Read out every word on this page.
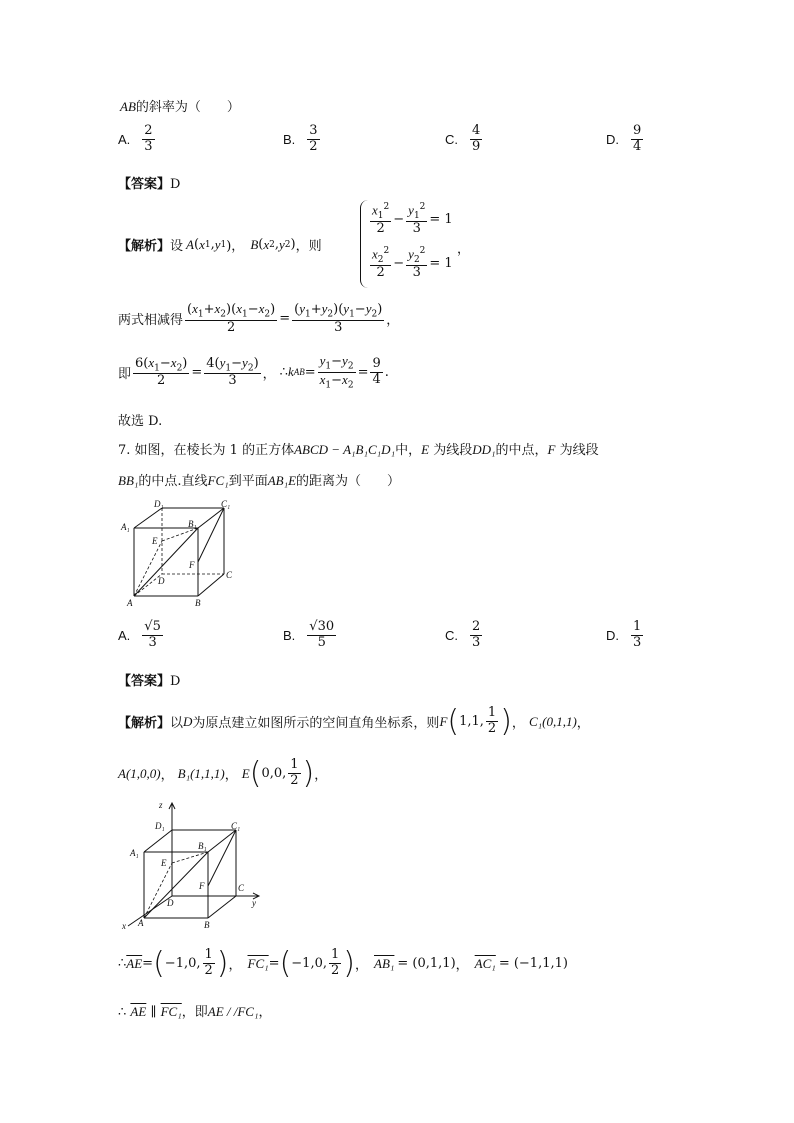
AB的斜率为（　　）
A. $\frac{2}{3}$	B. $\frac{3}{2}$	C. $\frac{4}{9}$	D. $\frac{9}{4}$
【答案】D
【解析】 设 A ( x 1 , y 1 )， B ( x 2 , y 2 ) ，则
$\frac{x_1^2}{2} - \frac{y_1^2}{3} = 1$
$\frac{x_2^2}{2} - \frac{y_2^2}{3} = 1$
，
两式相减得 $\frac{(x_1+x_2)(x_1-x_2)}{2} = \frac{(y_1+y_2)(y_1-y_2)}{3}$ ，
即 $\frac{6(x_1-x_2)}{2} = \frac{4(y_1-y_2)}{3}$ ， ∴ k AB = $\frac{y_1-y_2}{x_1-x_2} = \frac{9}{4}$ .
故选 D.
7. 如图，在棱长为 1 的正方体ABCD − A₁B₁C₁D₁中，E 为线段DD₁的中点，F 为线段
BB₁的中点.直线FC₁到平面AB₁E的距离为（　　）
D₁	C₁
A₁	B₁
E
F
C
D
A	B
A. $\frac{√5}{3}$	B. $\frac{√30}{5}$	C. $\frac{2}{3}$	D. $\frac{1}{3}$
【答案】D
【解析】 以 D 为原点建立如图所示的空间直角坐标系，则 F ( 1,1, $\frac{1}{2}$ ) ， C₁(0,1,1) ，
A(1,0,0) ， B₁(1,1,1) ， E ( 0,0, $\frac{1}{2}$ ) ，
z
D₁	C₁
A₁
B₁
E
F	C
D	y
A	B
x
∴ $\overline{AE}$ = ( −1,0, $\frac{1}{2}$ ) ， FC₁ = ( −1,0, $\frac{1}{2}$ ) ， AB₁ = (0,1,1) ， AC₁ = (−1,1,1)
∴ $\overline{AE}$ ∥ FC₁，即AE / /FC₁，
